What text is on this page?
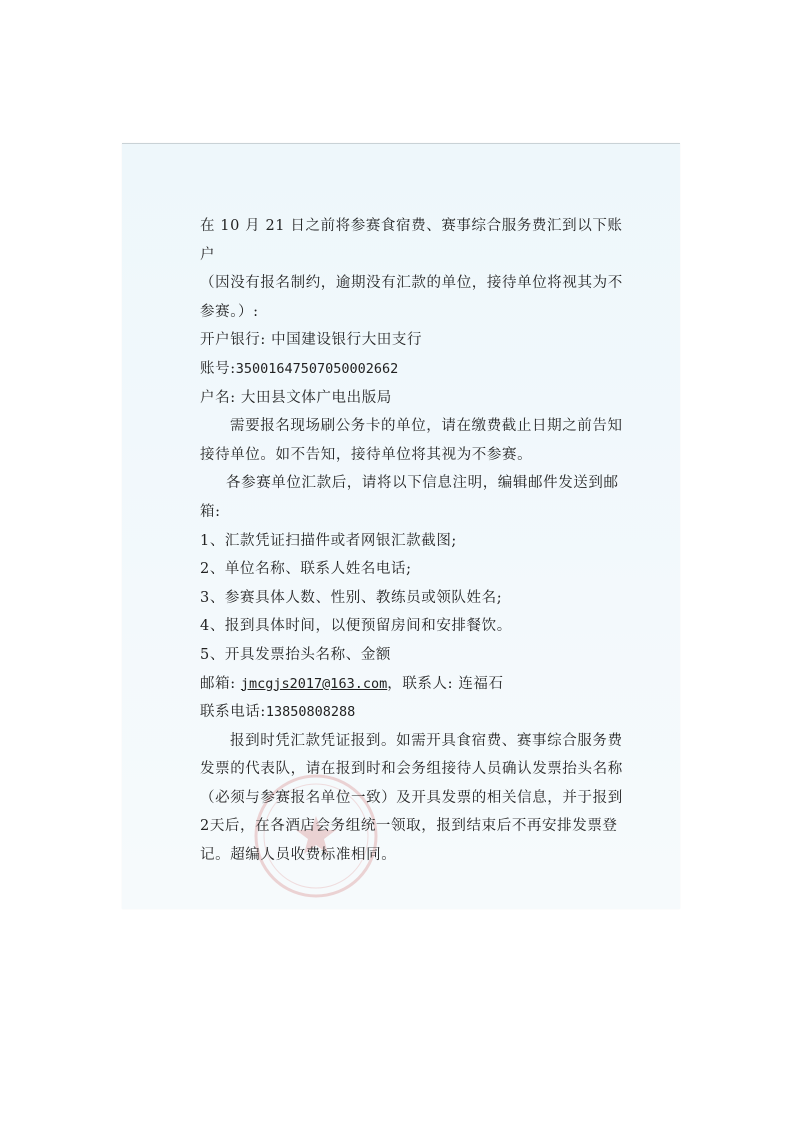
在 10 月 21 日之前将参赛食宿费、赛事综合服务费汇到以下账户

（因没有报名制约，逾期没有汇款的单位，接待单位将视其为不

参赛。）:

开户银行: 中国建设银行大田支行

账号:35001647507050002662

户名: 大田县文体广电出版局

需要报名现场刷公务卡的单位，请在缴费截止日期之前告知接待单位。如不告知，接待单位将其视为不参赛。

各参赛单位汇款后，请将以下信息注明，编辑邮件发送到邮箱:

1、汇款凭证扫描件或者网银汇款截图;

2、单位名称、联系人姓名电话;

3、参赛具体人数、性别、教练员或领队姓名;

4、报到具体时间，以便预留房间和安排餐饮。

5、开具发票抬头名称、金额

邮箱: jmcgjs2017@163.com，联系人: 连福石

联系电话:13850808288

报到时凭汇款凭证报到。如需开具食宿费、赛事综合服务费发票的代表队，请在报到时和会务组接待人员确认发票抬头名称（必须与参赛报名单位一致）及开具发票的相关信息，并于报到2天后，在各酒店会务组统一领取，报到结束后不再安排发票登记。超编人员收费标准相同。
